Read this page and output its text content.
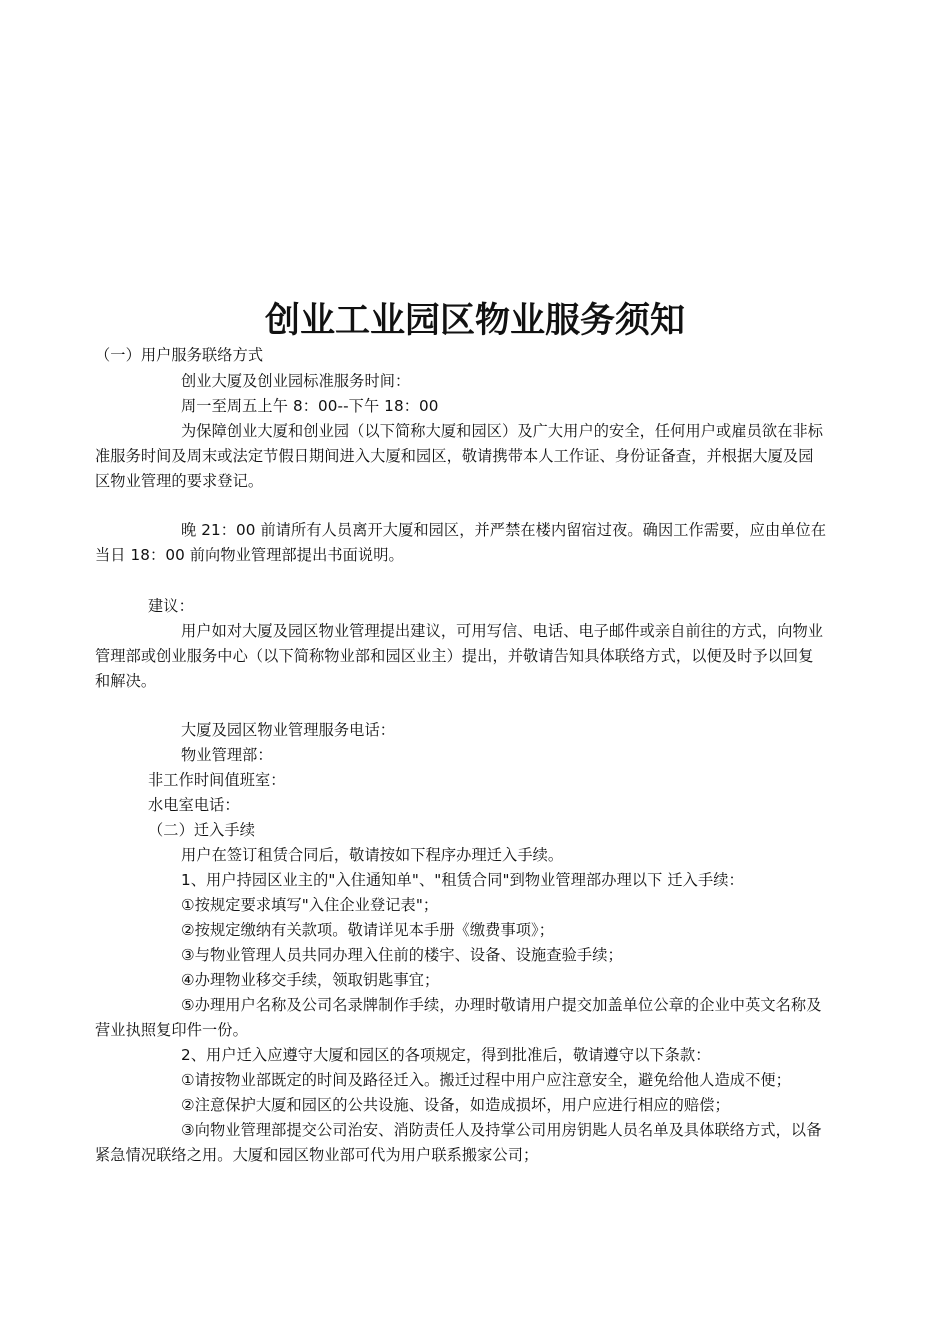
创业工业园区物业服务须知
（一）用户服务联络方式
创业大厦及创业园标准服务时间：
周一至周五上午 8：00--下午 18：00
为保障创业大厦和创业园（以下简称大厦和园区）及广大用户的安全，任何用户或雇员欲在非标
准服务时间及周末或法定节假日期间进入大厦和园区，敬请携带本人工作证、身份证备查，并根据大厦及园
区物业管理的要求登记。
晚 21：00 前请所有人员离开大厦和园区，并严禁在楼内留宿过夜。确因工作需要，应由单位在
当日 18：00 前向物业管理部提出书面说明。
建议：
用户如对大厦及园区物业管理提出建议，可用写信、电话、电子邮件或亲自前往的方式，向物业
管理部或创业服务中心（以下简称物业部和园区业主）提出，并敬请告知具体联络方式，以便及时予以回复
和解决。
大厦及园区物业管理服务电话：
物业管理部：
非工作时间值班室：
水电室电话：
（二）迁入手续
用户在签订租赁合同后，敬请按如下程序办理迁入手续。
1、用户持园区业主的"入住通知单"、"租赁合同"到物业管理部办理以下 迁入手续：
①按规定要求填写"入住企业登记表"；
②按规定缴纳有关款项。敬请详见本手册《缴费事项》；
③与物业管理人员共同办理入住前的楼宇、设备、设施查验手续；
④办理物业移交手续，领取钥匙事宜；
⑤办理用户名称及公司名录牌制作手续，办理时敬请用户提交加盖单位公章的企业中英文名称及
营业执照复印件一份。
2、用户迁入应遵守大厦和园区的各项规定，得到批准后，敬请遵守以下条款：
①请按物业部既定的时间及路径迁入。搬迁过程中用户应注意安全，避免给他人造成不便；
②注意保护大厦和园区的公共设施、设备，如造成损坏，用户应进行相应的赔偿；
③向物业管理部提交公司治安、消防责任人及持掌公司用房钥匙人员名单及具体联络方式，以备
紧急情况联络之用。大厦和园区物业部可代为用户联系搬家公司；
